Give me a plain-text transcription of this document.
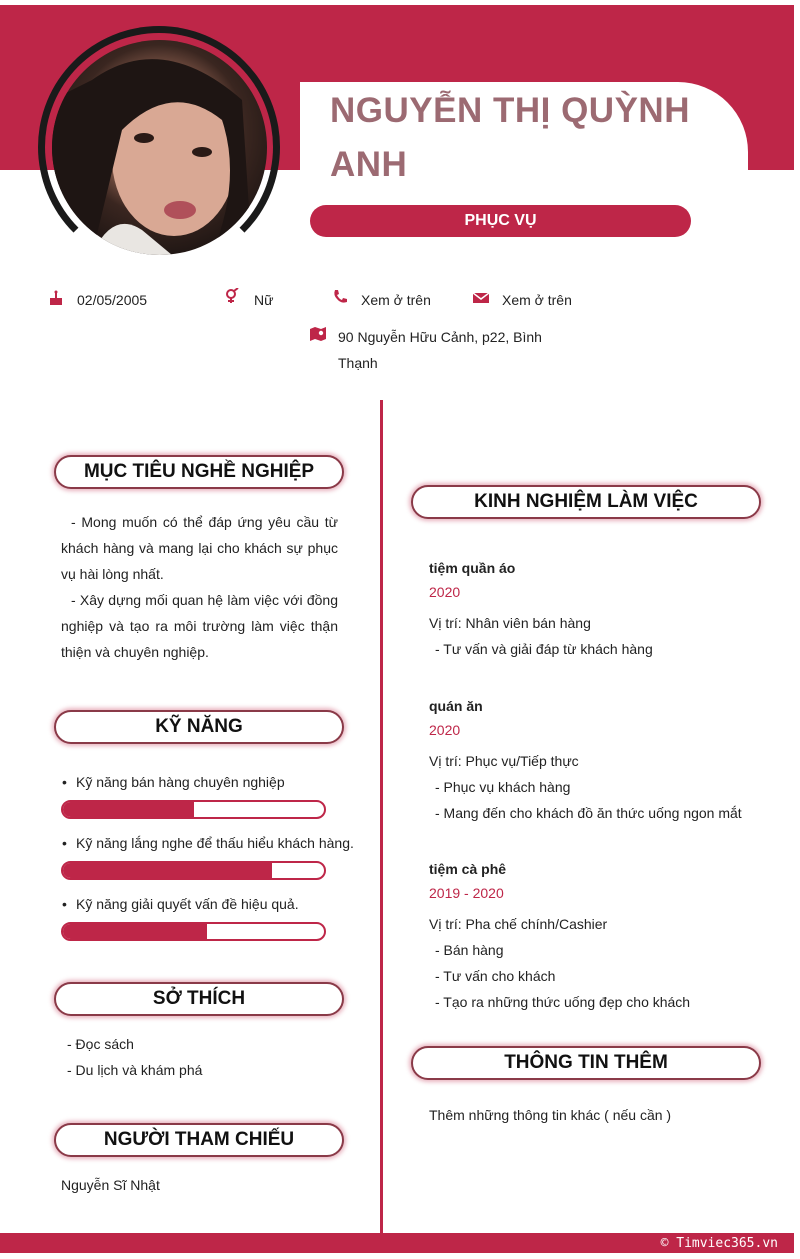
NGUYỄN THỊ QUỲNH ANH
PHỤC VỤ
02/05/2005	Nữ	Xem ở trên	Xem ở trên
90 Nguyễn Hữu Cảnh, p22, Bình Thạnh
MỤC TIÊU NGHỀ NGHIỆP
- Mong muốn có thể đáp ứng yêu cầu từ khách hàng và mang lại cho khách sự phục vụ hài lòng nhất.
- Xây dựng mối quan hệ làm việc với đồng nghiệp và tạo ra môi trường làm việc thận thiện và chuyên nghiệp.
KỸ NĂNG
• Kỹ năng bán hàng chuyên nghiệp
• Kỹ năng lắng nghe để thấu hiểu khách hàng.
• Kỹ năng giải quyết vấn đề hiệu quả.
SỞ THÍCH
- Đọc sách
- Du lịch và khám phá
NGƯỜI THAM CHIẾU
Nguyễn Sĩ Nhật
KINH NGHIỆM LÀM VIỆC
tiệm quần áo
2020
Vị trí: Nhân viên bán hàng
- Tư vấn và giải đáp từ khách hàng
quán ăn
2020
Vị trí: Phục vụ/Tiếp thực
- Phục vụ khách hàng
- Mang đến cho khách đồ ăn thức uống ngon mắt
tiệm cà phê
2019 - 2020
Vị trí: Pha chế chính/Cashier
- Bán hàng
- Tư vấn cho khách
- Tạo ra những thức uống đẹp cho khách
THÔNG TIN THÊM
Thêm những thông tin khác ( nếu cần )
© Timviec365.vn
